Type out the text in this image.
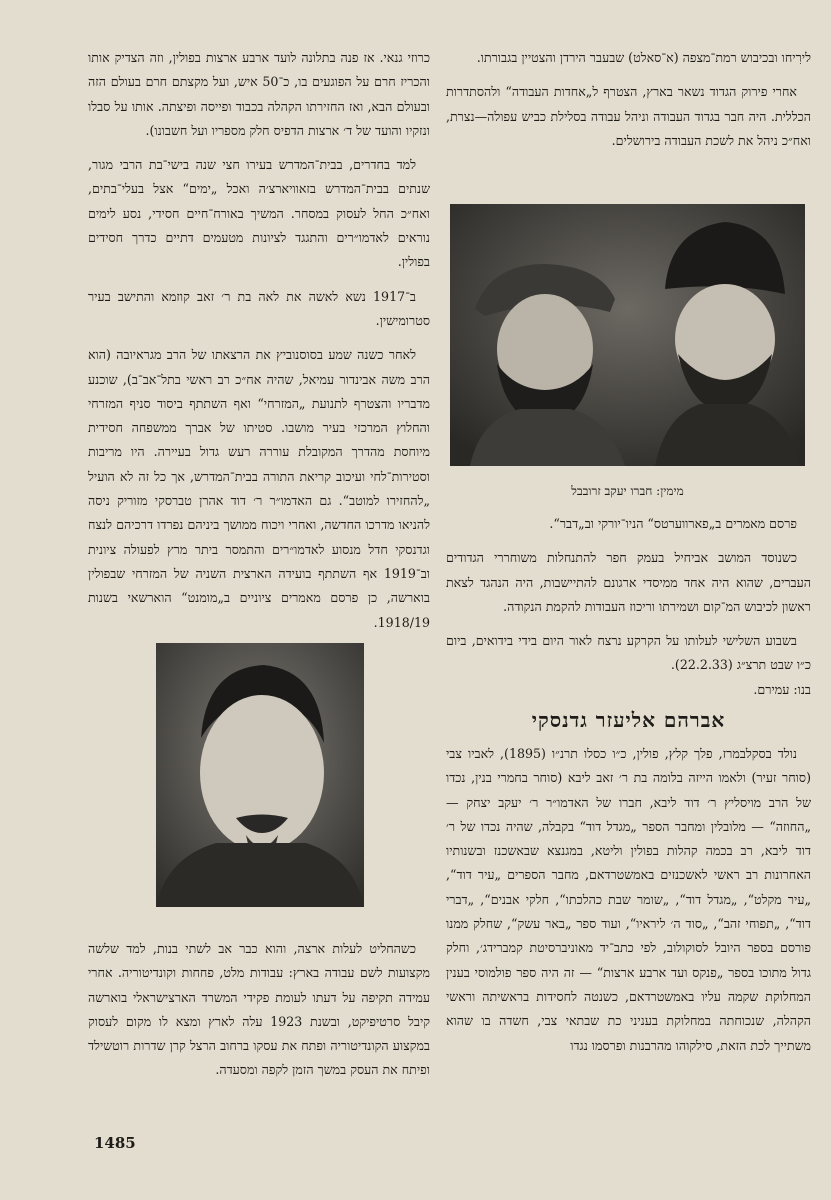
לירִיחו ובכיבוש רמת־מצפה (א־סאלט) שבעבר הירדן והצטיין בגבורתו.

אחרי פירוק הגדוד נשאר בארץ, הצטרף ל„אחדות העבודה“ ולהסתדרות הכללית. היה חבר בגדוד העבודה וניהל עבודה בסלילת כביש עפולה—נצרת, ואח״כ ניהל את לשכת העבודה בירושלים.

מימין: חברו יעקב זרובבל

פרסם מאמרים ב„פארווערטס“ הניו־יורקי וב„דבר“.

כשנוסד המושב אביחיל בעמק חפר להתנחלות משוחררי הגדודים העברים, שהוא היה אחד ממיסדי ארגונם להתיישבות, היה הנהגד לצאת ראשון לכיבוש המ־קום ושמירתו וריכוז העבודות להקמת הנקודה.

בשבוע השלישי לעלותו על הקרקע נרצח לאור היום בידי בידואים, ביום כ״ו שבט תרצ״ג (22.2.33).

בנו: עמירם.

אברהם אליעזר גדנסקי

נולד בסקלבמרז, פלך קלץ, פולין, כ״ו כסלו תרנ״ו (1895), לאביו צבי (סוחר זעיר) ולאמו הייזה בלומה בת ר׳ זאב ליבא (סוחר בחמרי בנין, נכדו של הרב מויסליץ ר׳ דוד ליבא, חברו של האדמו״ר ר׳ יעקב יצחק — „החוזה“ — מלובלין ומחבר הספר „מגדל דוד“ בקבלה, שהיה נכדו של ר׳ דוד ליבא, רב בכמה קהלות בפולין וליטא, במגנצא שבאשכנז ובשנותיו האחרונות רב ראשי לאשכנזים באמשטרדאם, מחבר הספרים „עיר דוד“, „עיר מקלט“, „מגדל דוד“, „שומר שבת כהלכתו“, חלקי אבנים“, „דברי דוד“, „תפוחי זהב“, „סוד ה׳ ליראיו“, ועוד ספר „באר עשק“, שחלק ממנו פורסם בספר היובל לסוקולוב, לפי כתב־יד מאוניברסיטת קמברידג׳, וחלק גדול מתוכו בספר „פנקס ועד ארבע ארצות“ — זה היה ספר פולמוסי בענין המחלוקת שקמה עליו באמשטרדאם, כשנטה לחסידות בראשיתה וראשי הקהלה, שנכוחתה במחלוקת בעניני כת שבתאי צבי, חשדה בו שהוא משתייך לכת הזאת, סילקוהו מהרבנות ופרסמו נגדו

כרוזי גנאי. אז פנה בתלונה לועד ארבע ארצות בפולין, וזה הצדיק אותו והכריז חרם על הפוגעים בו, כ־50 איש, ועל מקצתם חרם בעולם הזה ובעולם הבא, ואז החזירתו הקהלה בכבוד ופייסה ופיצתה. אותו על סבלו ונזקיו והועד של ד׳ ארצות הדפיס חלק מספריו ועל חשבונו).

למד בחדרים, בבית־המדרש בעירו חצי שנה בישי־בת הרבי מגור, שנתים בבית־המדרש בזאוויארצ׳ה ואכל „ימים“ אצל בעלי־בתים, ואח״כ החל לעסוק במסחר. המשיך באורח־חיים חסידי, נסע לימים נוראים לאדמו״רים והתגגד לציונות מטעמים דתיים כדרך חסידים בפולין.

ב־1917 נשא לאשה את לאה בת ר׳ זאב קוזמא והתישב בעיר סטרומישין.

לאחר כשנה שמע בסוסנוביץ את הרצאתו של הרב מגראיובה (הוא הרב משה אבינדור עמיאל, שהיה אח״כ רב ראשי בתל־אב־ב), שוכנע מדבריו והצטרף לתנועת „המזרחי“ ואף השתתף ביסוד סניף המזרחי והחלוץ המרכזי בעיר מושבו. סטיתו של אברך ממשפחה חסידית מיוחסת מהדרך המקובלת עוררה רעש גדול בעיירה. היו מריבות וסטירות־לחי ועיכוב קריאת התורה בבית־המדרש, אך כל זה לא הועיל „להחזירו למוטב“. גם האדמו״ר ר׳ דוד אהרן טברסקי מזוריק ניסה להניאו מדרכו החדשה, ואחרי ויכוח ממושך ביניהם נפרדו דרכיהם לנצח וגדנסקי חדל מנסוע לאדמו״רים והתמסר ביתר מרץ לפעולה ציונית וב־1919 אף השתתף בועידה הארצית השניה של המזרחי שבפולין בוארשה, כן פרסם מאמרים ציוניים ב„מומנט“ הוארשאי בשנות 1918/19.

כשהחליט לעלות ארצה, והוא כבר אב לשתי בנות, למד שלשה מקצועות לשם עבודה בארץ: עבודות מלט, פחחות וקונדיטוריה. אחרי עמידה תקיפה על דעתו לעומת פקידי המשרד הארצישראלי בוארשה קיבל סרטיפיקט, ובשנת 1923 עלה לארץ ומצא לו מקום לעסוק במקצוע הקונדיטוריה ופתח את עסקו ברחוב הרצל קרן שדרות רוטשילד ופיתח את העסק במשך הזמן לקפה ומסעדה.

1485
